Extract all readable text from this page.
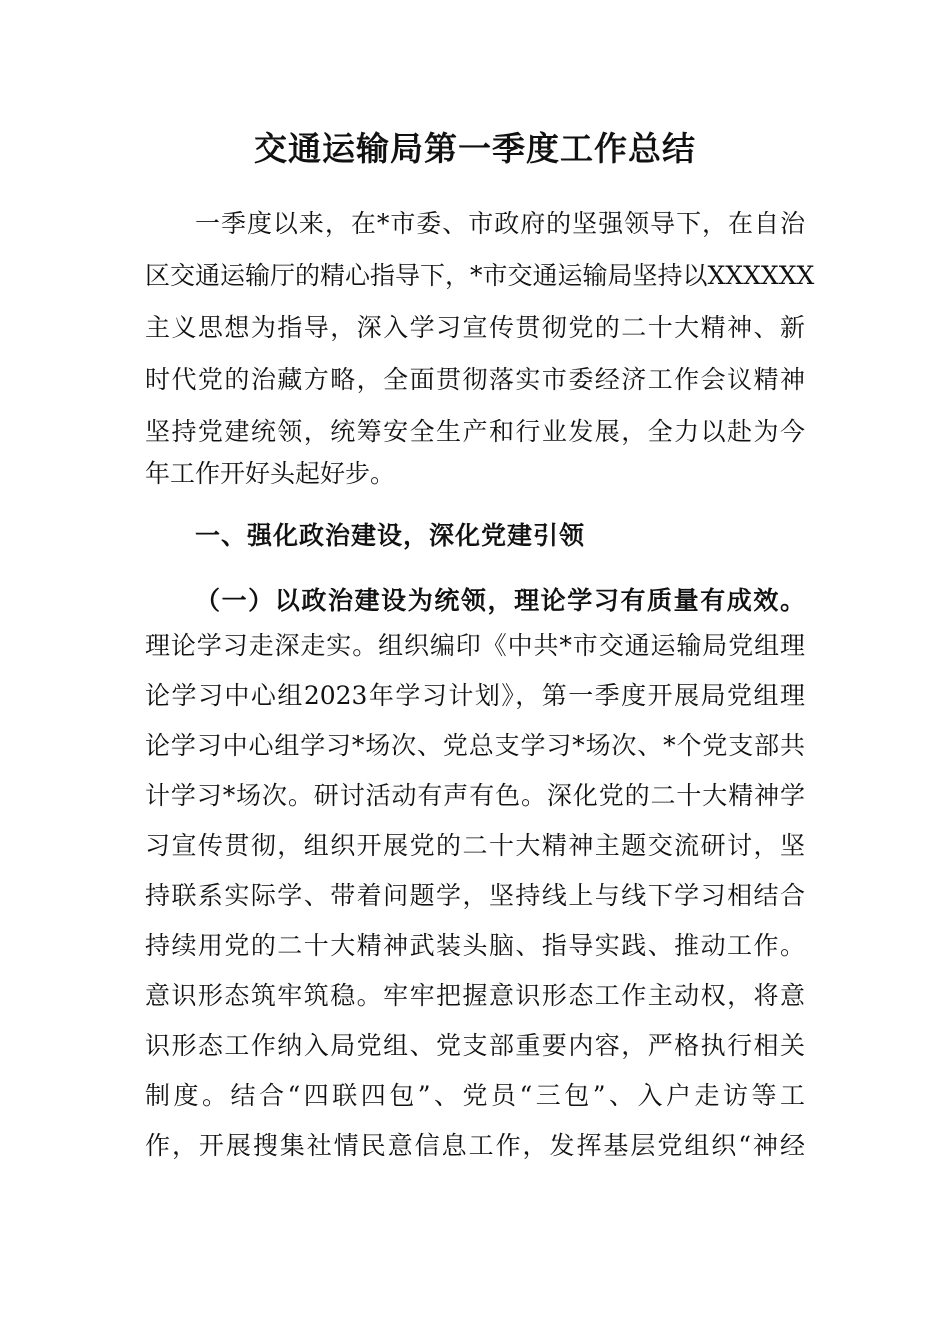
交通运输局第一季度工作总结
一季度以来，在*市委、市政府的坚强领导下，在自治
区交通运输厅的精心指导下，*市交通运输局坚持以XXXXXX
主义思想为指导，深入学习宣传贯彻党的二十大精神、新
时代党的治藏方略，全面贯彻落实市委经济工作会议精神
坚持党建统领，统筹安全生产和行业发展，全力以赴为今
年工作开好头起好步。
一、强化政治建设，深化党建引领
（一）以政治建设为统领，理论学习有质量有成效。
理论学习走深走实。组织编印《中共*市交通运输局党组理
论学习中心组2023年学习计划》，第一季度开展局党组理
论学习中心组学习*场次、党总支学习*场次、*个党支部共
计学习*场次。研讨活动有声有色。深化党的二十大精神学
习宣传贯彻，组织开展党的二十大精神主题交流研讨，坚
持联系实际学、带着问题学，坚持线上与线下学习相结合
持续用党的二十大精神武装头脑、指导实践、推动工作。
意识形态筑牢筑稳。牢牢把握意识形态工作主动权，将意
识形态工作纳入局党组、党支部重要内容，严格执行相关
制度。结合“四联四包”、党员“三包”、入户走访等工
作，开展搜集社情民意信息工作，发挥基层党组织“神经
